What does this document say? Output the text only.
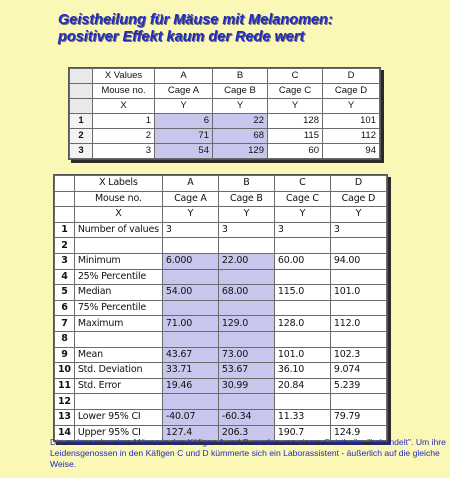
Geistheilung für Mäuse mit Melanomen:
positiver Effekt kaum der Rede wert
	X Values	A	B	C	D
	Mouse no.	Cage A	Cage B	Cage C	Cage D
	X	Y	Y	Y	Y
1	1	6	22	128	101
2	2	71	68	115	112
3	3	54	129	60	94
	X Labels	A	B	C	D
	Mouse no.	Cage A	Cage B	Cage C	Cage D
	X	Y	Y	Y	Y
1	Number of values	3	3	3	3
2					
3	Minimum	6.000	22.00	60.00	94.00
4	25% Percentile				
5	Median	54.00	68.00	115.0	101.0
6	75% Percentile				
7	Maximum	71.00	129.0	128.0	112.0
8					
9	Mean	43.67	73.00	101.0	102.3
10	Std. Deviation	33.71	53.67	36.10	9.074
11	Std. Error	19.46	30.99	20.84	5.239
12					
13	Lower 95% CI	-40.07	-60.34	11.33	79.79
14	Upper 95% CI	127.4	206.3	190.7	124.9
Die melanomkranken Mäuse in den Käfigen A und B wurden von einem Geistheiler "behandelt". Um ihre Leidensgenossen in den Käfigen C und D kümmerte sich ein Laborassistent - äußerlich auf die gleiche Weise.
